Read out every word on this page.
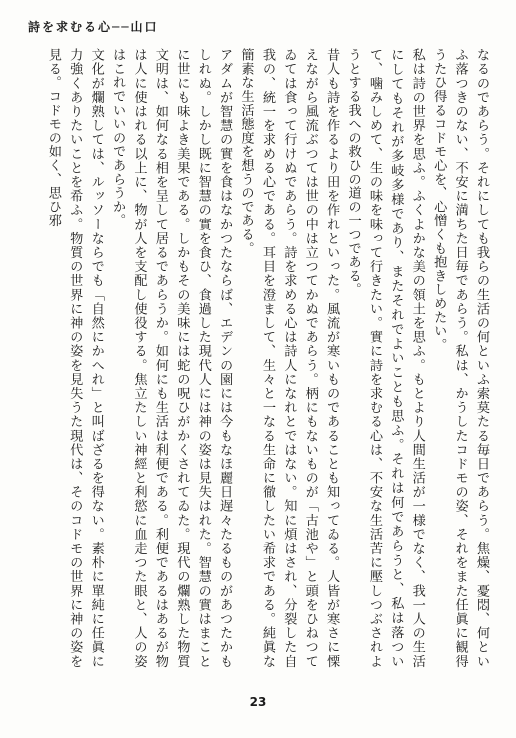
詩を求むる心──山口

なるのであらう。それにしても我らの生活の何といふ索莫たる毎日であらう。焦燥、憂悶、何といふ落つきのない、不安に満ちた日毎であらう。私は、かうしたコドモの姿、それをまた任眞に観得うたひ得るコドモ心を、心憎くも抱きしめたい。

私は詩の世界を思ふ。ふくよかな美の領土を思ふ。もとより人間生活が一様でなく、我一人の生活にしてもそれが多岐多様であり、またそれでよいことも思ふ。それは何であらうと、私は落ついて、噛みしめて、生の味を味って行きたい。實に詩を求むる心は、不安な生活苦に壓しつぶされようとする我への救ひの道の一つである。

昔人も詩を作るより田を作れといった。風流が寒いものであることも知ってゐる。人皆が寒さに慄えながら風流ぶつては世の中は立つてかぬであらう。柄にもないものが「古池や」と頭をひねつてゐては食って行けぬであらう。詩を求める心は詩人になれとではない。知に煩はされ、分裂した自我の、統一を求める心である。耳目を澄まして、生々と一なる生命に徹したい希求である。純眞な簡素な生活態度を想うのである。

アダムが智慧の實を食はなかつたならば、エデンの園には今もなほ麗日遅々たるものがあつたかもしれぬ。しかし既に智慧の實を食ひ、食過した現代人には神の姿は見失はれた。智慧の實はまことに世にも味よき美果である。しかもその美味には蛇の呪ひがかくされてゐた。現代の爛熟した物質文明は、如何なる相を呈して居るであらうか。如何にも生活は利便である。利便であるはあるが物は人に使はれる以上に、物が人を支配し使役する。焦立たしい神經と利慾に血走つた眼と、人の姿はこれでいいのであらうか。

文化が爛熟しては、ルッソーならでも「自然にかへれ」と叫ばざるを得ない。素朴に單純に任眞に力強くありたいことを希ふ。物質の世界に神の姿を見失うた現代は、そのコドモの世界に神の姿を見る。コドモの如く、思ひ邪

23
